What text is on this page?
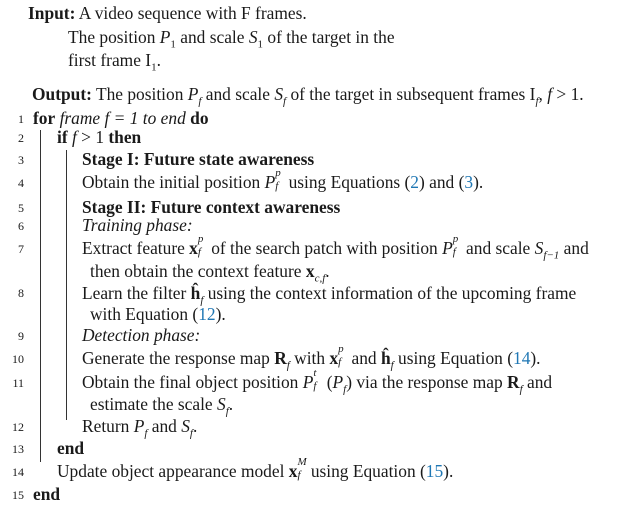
Input: A video sequence with F frames.
The position $P_1$ and scale $S_1$ of the target in the
first frame $I_1$.
Output: The position $P_f$ and scale $S_f$ of the target in subsequent frames $I_f$, f > 1.
1
2
3
4
5
6
7
8
9
10
11
12
13
14
15
for frame f = 1 to end do
if f > 1 then
Stage I: Future state awareness
Obtain the initial position P p
f using Equations (2) and (3).
Stage II: Future context awareness
Training phase:
Extract feature x p
f of the search patch with position P p
f and scale $S_{f-1}$ and
then obtain the context feature $x_{c,f}$.
Learn the filter $ĥ_f$ using the context information of the upcoming frame
with Equation (12).
Detection phase:
Generate the response map $R_f$ with x p
f and $ĥ_f$ using Equation (14).
Obtain the final object position P t
f $(P_f)$ via the response map $R_f$ and
estimate the scale $S_f$.
Return $P_f$ and $S_f$.
end
Update object appearance model x M
f using Equation (15).
end
